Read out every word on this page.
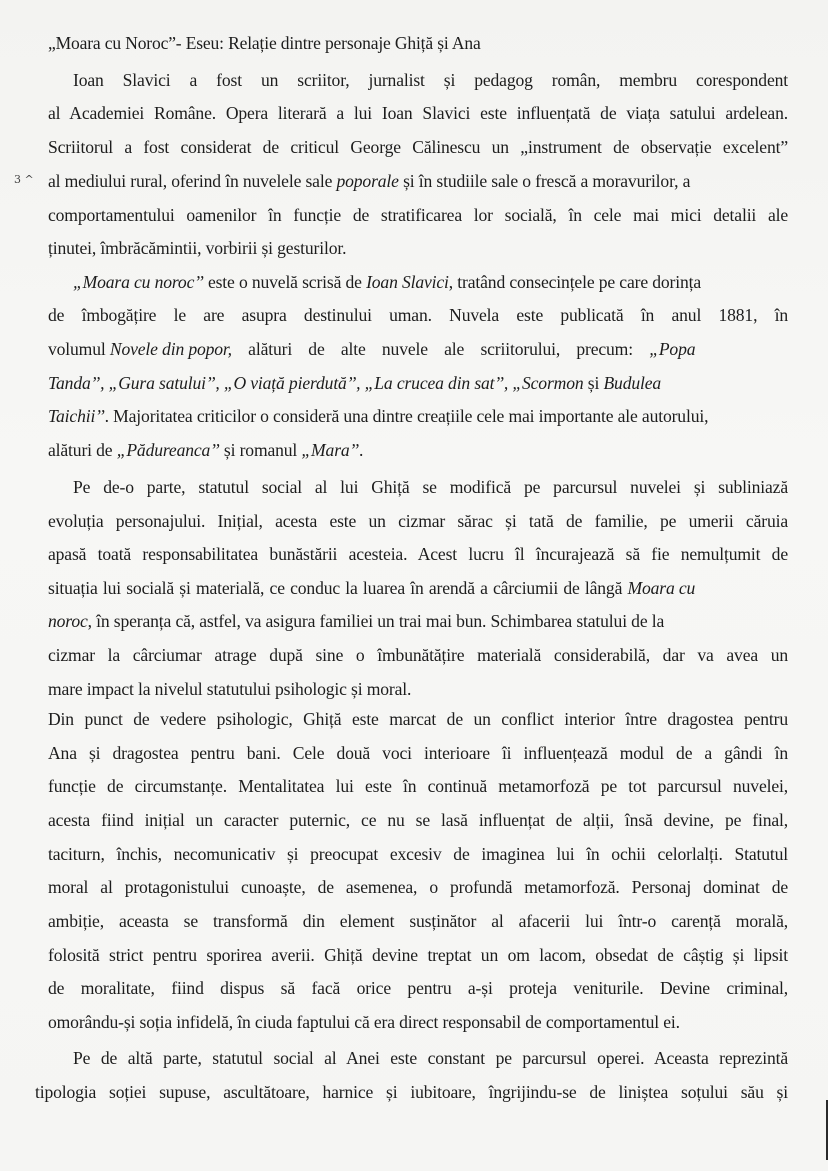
„Moara cu Noroc”- Eseu: Relație dintre personaje Ghiță și Ana
Ioan Slavici a fost un scriitor, jurnalist și pedagog român, membru corespondent
al Academiei Române. Opera literară a lui Ioan Slavici este influențată de viața satului ardelean.
Scriitorul a fost considerat de criticul George Călinescu un „instrument de observație excelent”
3 ^ al mediului rural, oferind în nuvelele sale poporale și în studiile sale o frescă a moravurilor, a
comportamentului oamenilor în funcție de stratificarea lor socială, în cele mai mici detalii ale
ținutei, îmbrăcămintii, vorbirii și gesturilor.
„Moara cu noroc’’ este o nuvelă scrisă de Ioan Slavici, tratând consecințele pe care dorința
de îmbogățire le are asupra destinului uman. Nuvela este publicată în anul 1881, în
volumul Novele din popor, alături de alte nuvele ale scriitorului, precum: „Popa
Tanda’’, „Gura satului’’, „O viață pierdută’’, „La crucea din sat’’, „Scormon și Budulea
Taichii’’. Majoritatea criticilor o consideră una dintre creațiile cele mai importante ale autorului,
alături de „Pădureanca’’ și romanul „Mara’’.
Pe de-o parte, statutul social al lui Ghiță se modifică pe parcursul nuvelei și subliniază
evoluția personajului. Inițial, acesta este un cizmar sărac și tată de familie, pe umerii căruia
apasă toată responsabilitatea bunăstării acesteia. Acest lucru îl încurajează să fie nemulțumit de
situația lui socială și materială, ce conduc la luarea în arendă a cârciumii de lângă Moara cu
noroc, în speranța că, astfel, va asigura familiei un trai mai bun. Schimbarea statului de la
cizmar la cârciumar atrage după sine o îmbunătățire materială considerabilă, dar va avea un
mare impact la nivelul statutului psihologic și moral.
Din punct de vedere psihologic, Ghiță este marcat de un conflict interior între dragostea pentru
Ana și dragostea pentru bani. Cele două voci interioare îi influențează modul de a gândi în
funcție de circumstanțe. Mentalitatea lui este în continuă metamorfoză pe tot parcursul nuvelei,
acesta fiind inițial un caracter puternic, ce nu se lasă influențat de alții, însă devine, pe final,
taciturn, închis, necomunicativ și preocupat excesiv de imaginea lui în ochii celorlalți. Statutul
moral al protagonistului cunoaște, de asemenea, o profundă metamorfoză. Personaj dominat de
ambiție, aceasta se transformă din element susținător al afacerii lui într-o carență morală,
folosită strict pentru sporirea averii. Ghiță devine treptat un om lacom, obsedat de câștig și lipsit
de moralitate, fiind dispus să facă orice pentru a-și proteja veniturile. Devine criminal,
omorându-și soția infidelă, în ciuda faptului că era direct responsabil de comportamentul ei.
Pe de altă parte, statutul social al Anei este constant pe parcursul operei. Aceasta reprezintă
tipologia soției supuse, ascultătoare, harnice și iubitoare, îngrijindu-se de liniștea soțului său și
